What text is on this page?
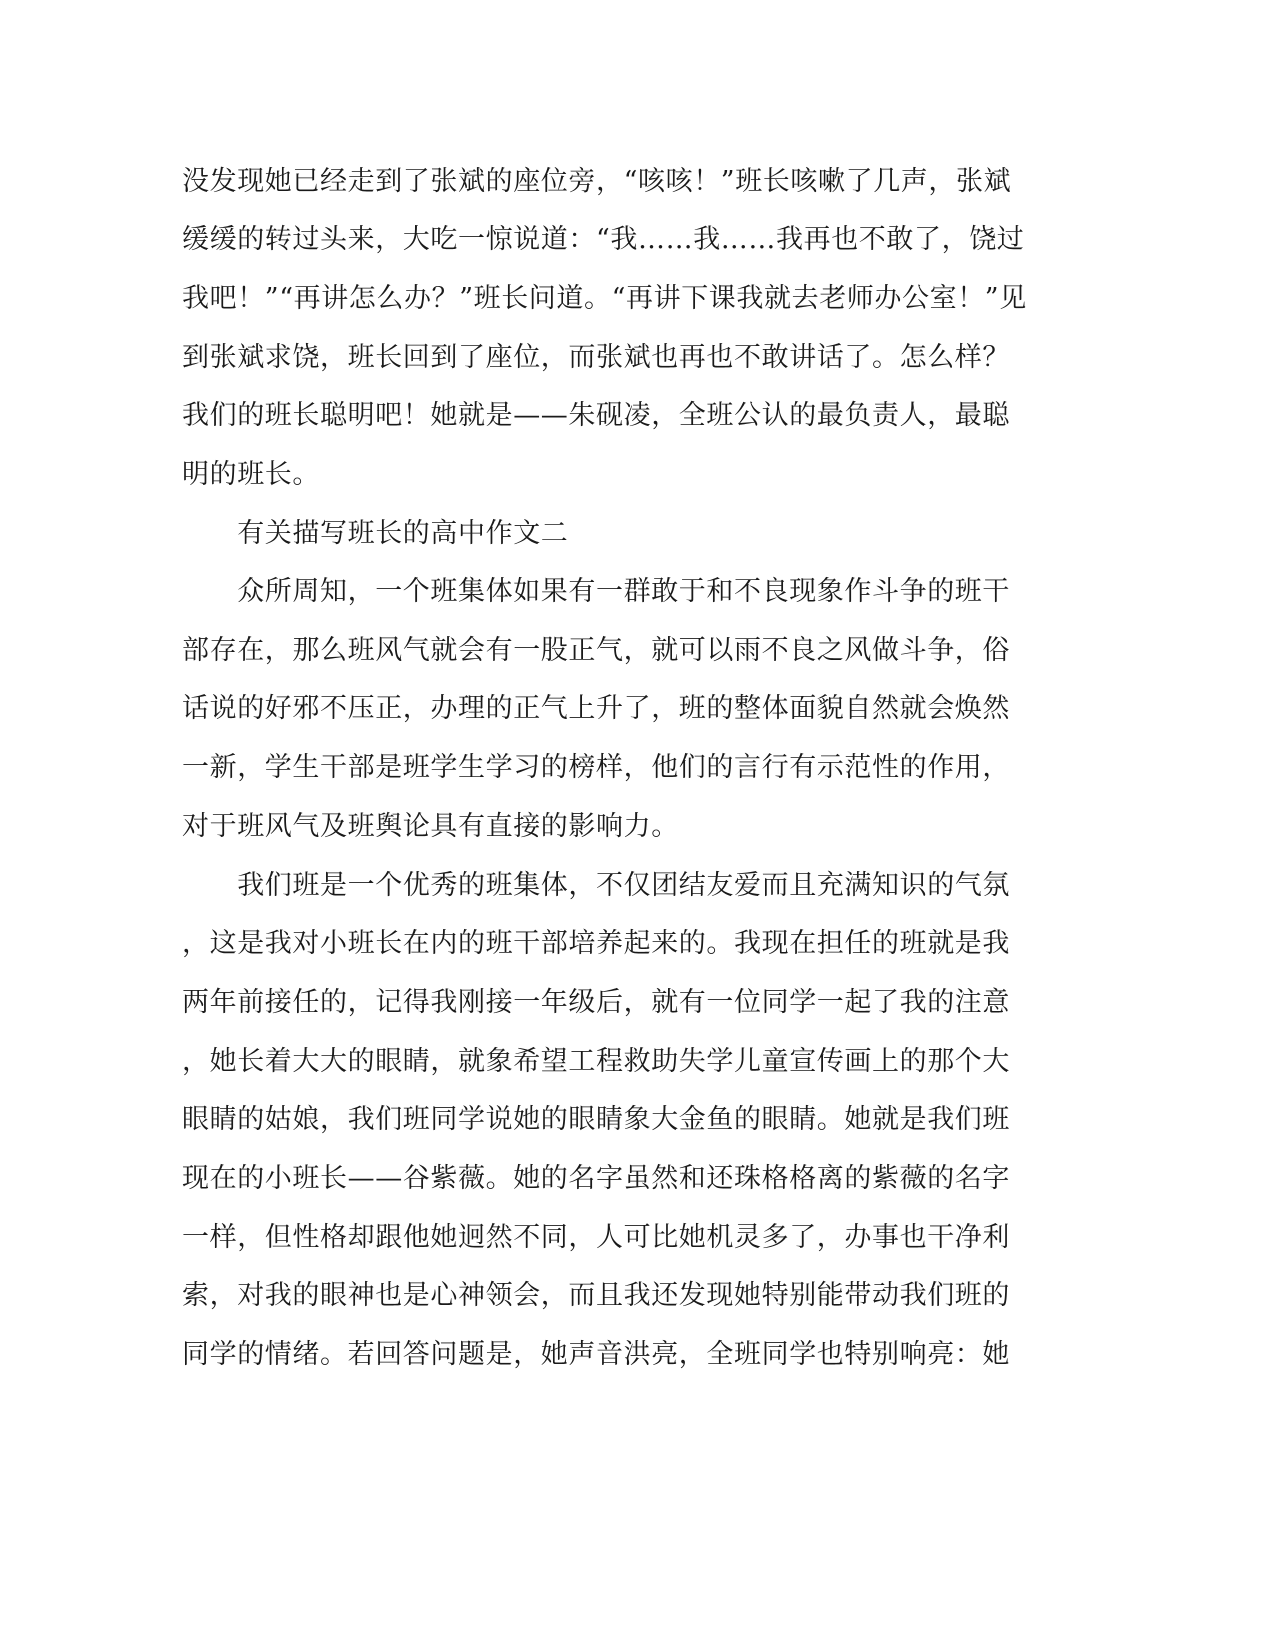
没发现她已经走到了张斌的座位旁，“咳咳！”班长咳嗽了几声，张斌
缓缓的转过头来，大吃一惊说道：“我……我……我再也不敢了，饶过
我吧！”“再讲怎么办？”班长问道。“再讲下课我就去老师办公室！”见
到张斌求饶，班长回到了座位，而张斌也再也不敢讲话了。怎么样？
我们的班长聪明吧！她就是——朱砚凌，全班公认的最负责人，最聪
明的班长。
　　有关描写班长的高中作文二
　　众所周知，一个班集体如果有一群敢于和不良现象作斗争的班干
部存在，那么班风气就会有一股正气，就可以雨不良之风做斗争，俗
话说的好邪不压正，办理的正气上升了，班的整体面貌自然就会焕然
一新，学生干部是班学生学习的榜样，他们的言行有示范性的作用，
对于班风气及班舆论具有直接的影响力。
　　我们班是一个优秀的班集体，不仅团结友爱而且充满知识的气氛
，这是我对小班长在内的班干部培养起来的。我现在担任的班就是我
两年前接任的，记得我刚接一年级后，就有一位同学一起了我的注意
，她长着大大的眼睛，就象希望工程救助失学儿童宣传画上的那个大
眼睛的姑娘，我们班同学说她的眼睛象大金鱼的眼睛。她就是我们班
现在的小班长——谷紫薇。她的名字虽然和还珠格格离的紫薇的名字
一样，但性格却跟他她迥然不同，人可比她机灵多了，办事也干净利
索，对我的眼神也是心神领会，而且我还发现她特别能带动我们班的
同学的情绪。若回答问题是，她声音洪亮，全班同学也特别响亮：她
